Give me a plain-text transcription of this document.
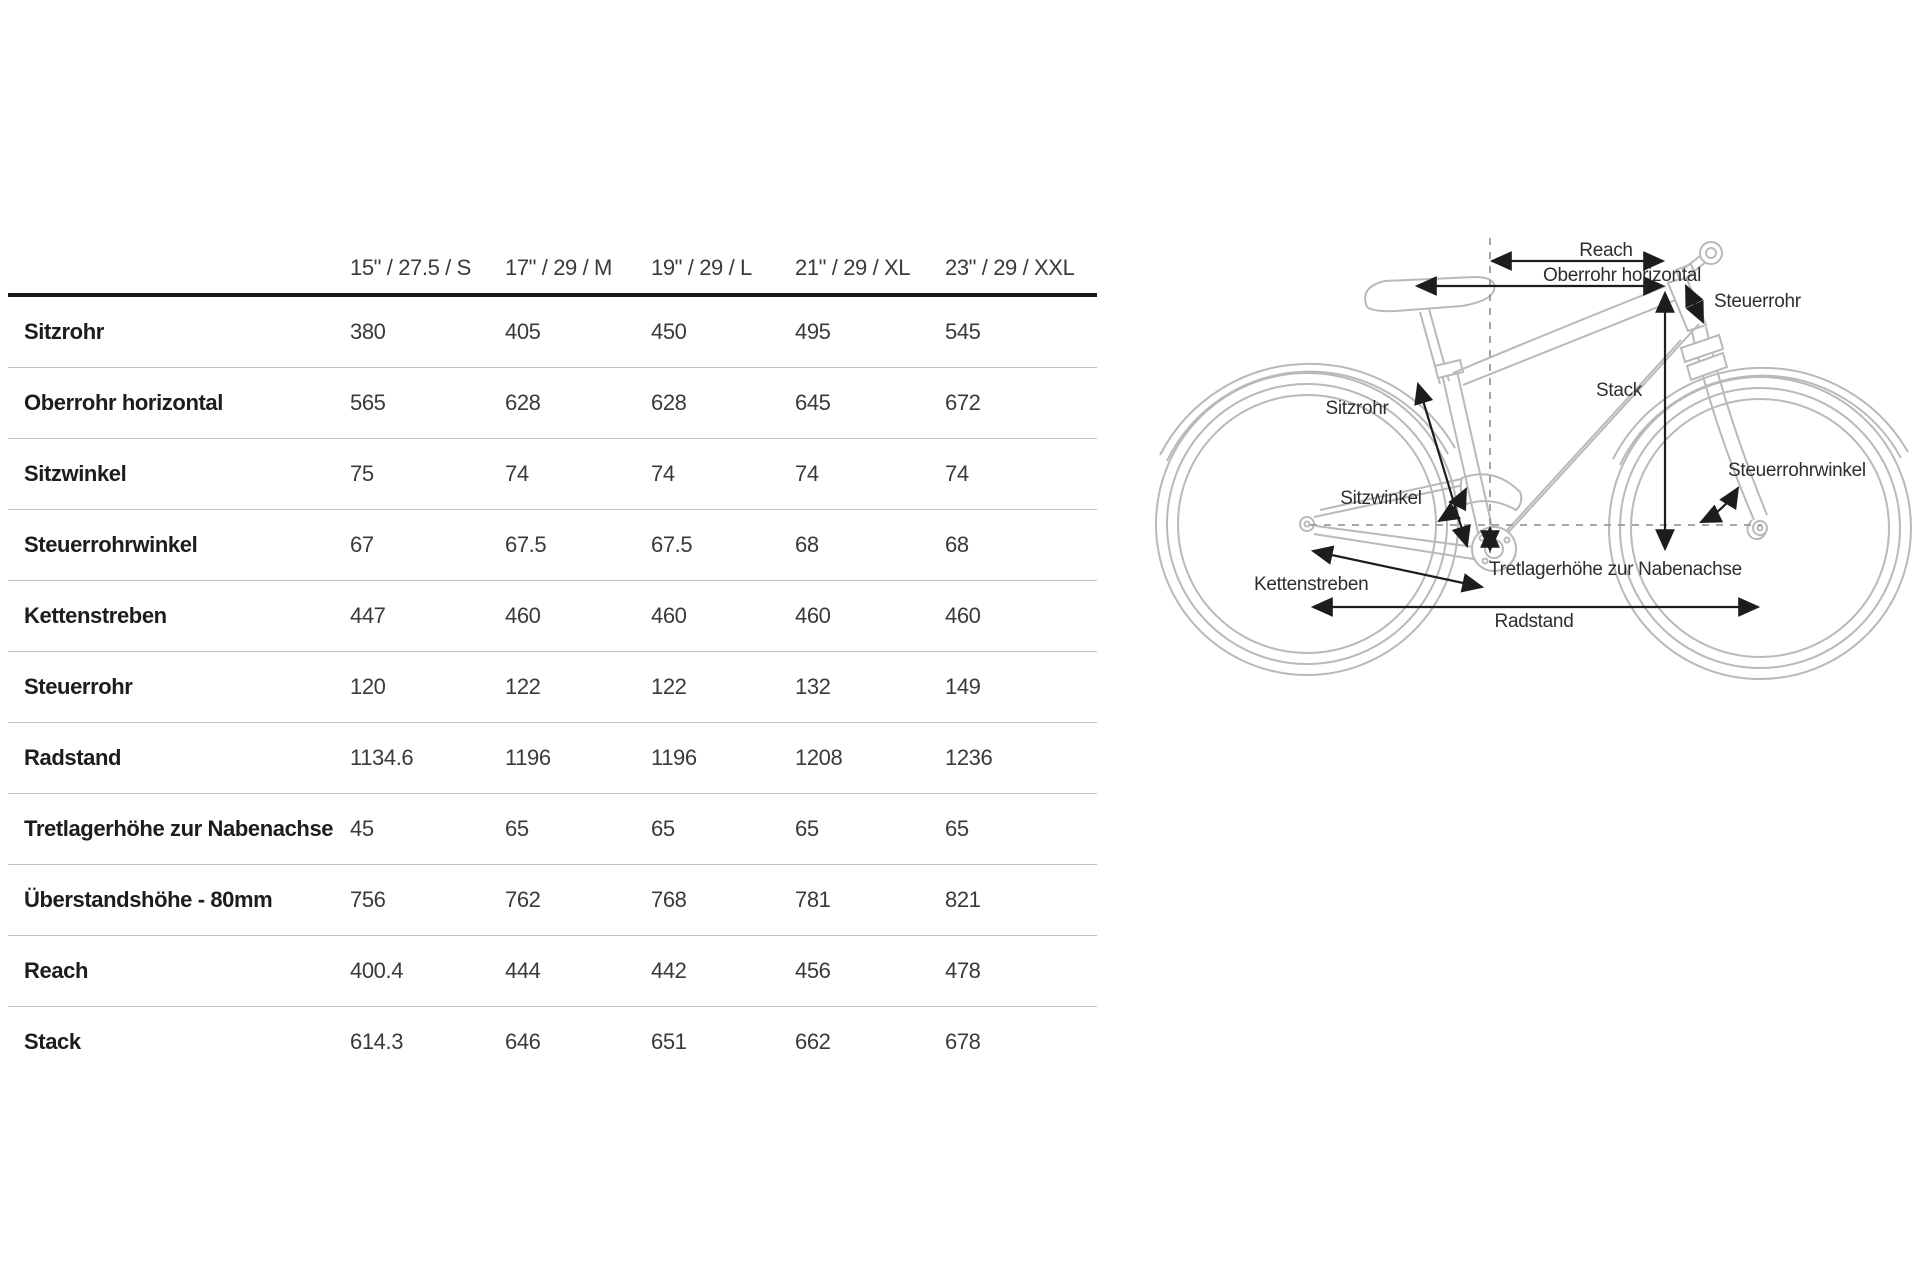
15" / 27.5 / S	17" / 29 / M	19" / 29 / L	21" / 29 / XL	23" / 29 / XXL
Sitzrohr	380	405	450	495	545
Oberrohr horizontal	565	628	628	645	672
Sitzwinkel	75	74	74	74	74
Steuerrohrwinkel	67	67.5	67.5	68	68
Kettenstreben	447	460	460	460	460
Steuerrohr	120	122	122	132	149
Radstand	1134.6	1196	1196	1208	1236
Tretlagerhöhe zur Nabenachse 45	65	65	65	65
Überstandshöhe - 80mm	756	762	768	781	821
Reach	400.4	444	442	456	478
Stack	614.3	646	651	662	678
Reach
Oberrohr horizontal
Steuerrohr
Stack
Sitzrohr
Sitzwinkel
Steuerrohrwinkel
Tretlagerhöhe zur Nabenachse
Kettenstreben
Radstand
